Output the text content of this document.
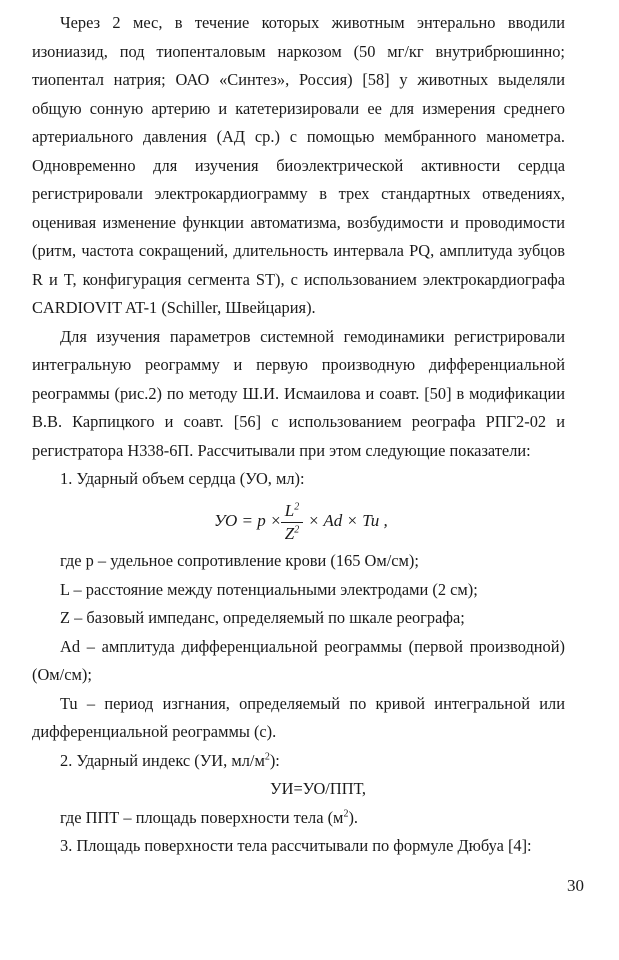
Через 2 мес, в течение которых животным энтерально вводили
изониазид, под тиопенталовым наркозом (50 мг/кг внутрибрюшинно;
тиопентал натрия; ОАО «Синтез», Россия) [58] у животных выделяли
общую сонную артерию и катетеризировали ее для измерения среднего
артериального давления (АД ср.) с помощью мембранного манометра.
Одновременно для изучения биоэлектрической активности сердца
регистрировали электрокардиограмму в трех стандартных отведениях,
оценивая изменение функции автоматизма, возбудимости и проводимости
(ритм, частота сокращений, длительность интервала PQ, амплитуда зубцов
R и T, конфигурация сегмента ST), с использованием электрокардиографа
CARDIOVIT AT-1 (Schiller, Швейцария).
Для изучения параметров системной гемодинамики регистрировали
интегральную реограмму и первую производную дифференциальной
реограммы (рис.2) по методу Ш.И. Исмаилова и соавт. [50] в модификации
В.В. Карпицкого и соавт. [56] с использованием реографа РПГ2-02 и
регистратора Н338-6П. Рассчитывали при этом следующие показатели:
1. Ударный объем сердца (УО, мл):
УО = p ×
$L^2$
$Z^2 \times Ad \times Tu$ ,
где p – удельное сопротивление крови (165 Ом/см);
L – расстояние между потенциальными электродами (2 см);
Z – базовый импеданс, определяемый по шкале реографа;
Ad – амплитуда дифференциальной реограммы (первой производной)
(Ом/см);
Tu – период изгнания, определяемый по кривой интегральной или
дифференциальной реограммы (с).
2. Ударный индекс (УИ, $мл/м^2$):
УИ=УО/ППТ,
где ППТ – площадь поверхности тела $(м^2)$.
3. Площадь поверхности тела рассчитывали по формуле Дюбуа [4]:
30
